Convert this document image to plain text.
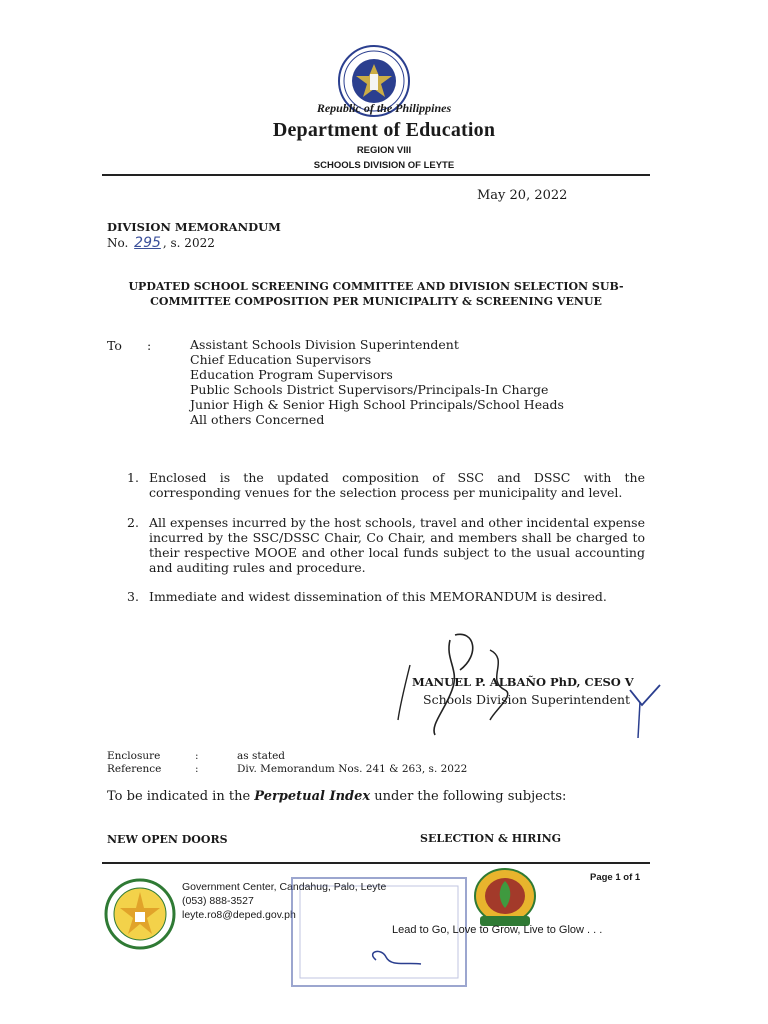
Republic of the Philippines
Department of Education
REGION VIII
SCHOOLS DIVISION OF LEYTE
May 20, 2022
DIVISION MEMORANDUM
No. 295 , s. 2022
UPDATED SCHOOL SCREENING COMMITTEE AND DIVISION SELECTION SUB-
COMMITTEE COMPOSITION PER MUNICIPALITY & SCREENING VENUE
To :	Assistant Schools Division Superintendent
Chief Education Supervisors
Education Program Supervisors
Public Schools District Supervisors/Principals-In Charge
Junior High & Senior High School Principals/School Heads
All others Concerned
1. Enclosed is the updated composition of SSC and DSSC with the corresponding venues for the selection process per municipality and level.
2. All expenses incurred by the host schools, travel and other incidental expense incurred by the SSC/DSSC Chair, Co Chair, and members shall be charged to their respective MOOE and other local funds subject to the usual accounting and auditing rules and procedure.
3. Immediate and widest dissemination of this MEMORANDUM is desired.
MANUEL P. ALBAÑO PhD, CESO V
Schools Division Superintendent
Enclosure	:	as stated
Reference	:	Div. Memorandum Nos. 241 & 263, s. 2022
To be indicated in the Perpetual Index under the following subjects:
NEW OPEN DOORS	SELECTION & HIRING
Government Center, Candahug, Palo, Leyte
(053) 888-3527
leyte.ro8@deped.gov.ph
Page 1 of 1
Lead to Go, Love to Grow, Live to Glow . . .
